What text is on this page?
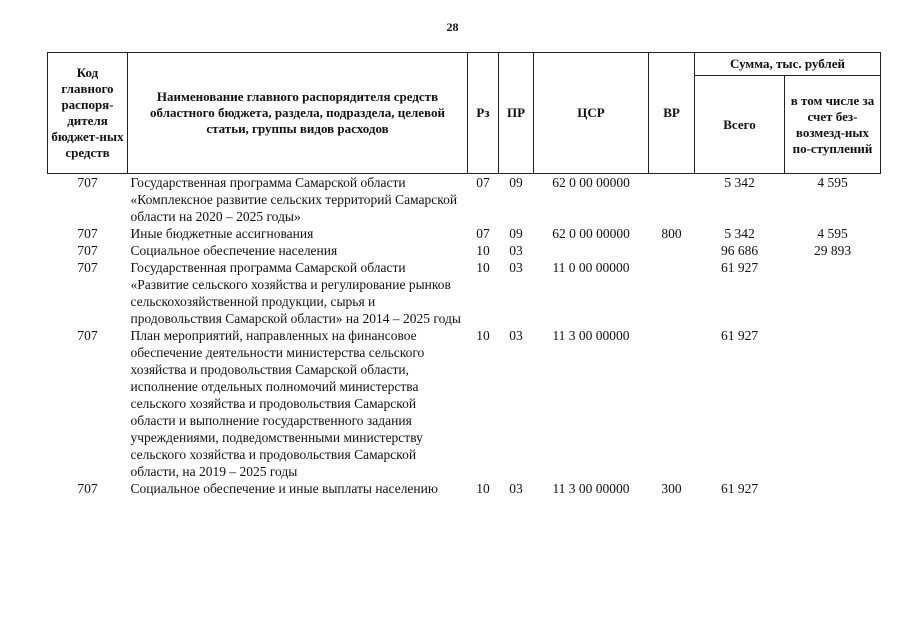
28
Код главного распоря-дителя бюджет-ных средств	Наименование главного распорядителя средств областного бюджета, раздела, подраздела, целевой статьи, группы видов расходов	Рз	ПР	ЦСР	ВР	Сумма, тыс. рублей	
						Всего	в том числе за счет без-возмезд-ных по-ступлений
707	Государственная программа Самарской области «Комплексное развитие сельских территорий Самарской области на 2020 – 2025 годы»	07	09	62 0 00 00000		5 342	4 595
707	Иные бюджетные ассигнования	07	09	62 0 00 00000	800	5 342	4 595
707	Социальное обеспечение населения	10	03			96 686	29 893
707	Государственная программа Самарской области «Развитие сельского хозяйства и регулирование рынков сельскохозяйственной продукции, сырья и продовольствия Самарской области» на 2014 – 2025 годы	10	03	11 0 00 00000		61 927	
707	План мероприятий, направленных на финансовое обеспечение деятельности министерства сельского хозяйства и продовольствия Самарской области, исполнение отдельных полномочий министерства сельского хозяйства и продовольствия Самарской области и выполнение государственного задания учреждениями, подведомственными министерству сельского хозяйства и продовольствия Самарской области, на 2019 – 2025 годы	10	03	11 3 00 00000		61 927	
707	Социальное обеспечение и иные выплаты населению	10	03	11 3 00 00000	300	61 927	
